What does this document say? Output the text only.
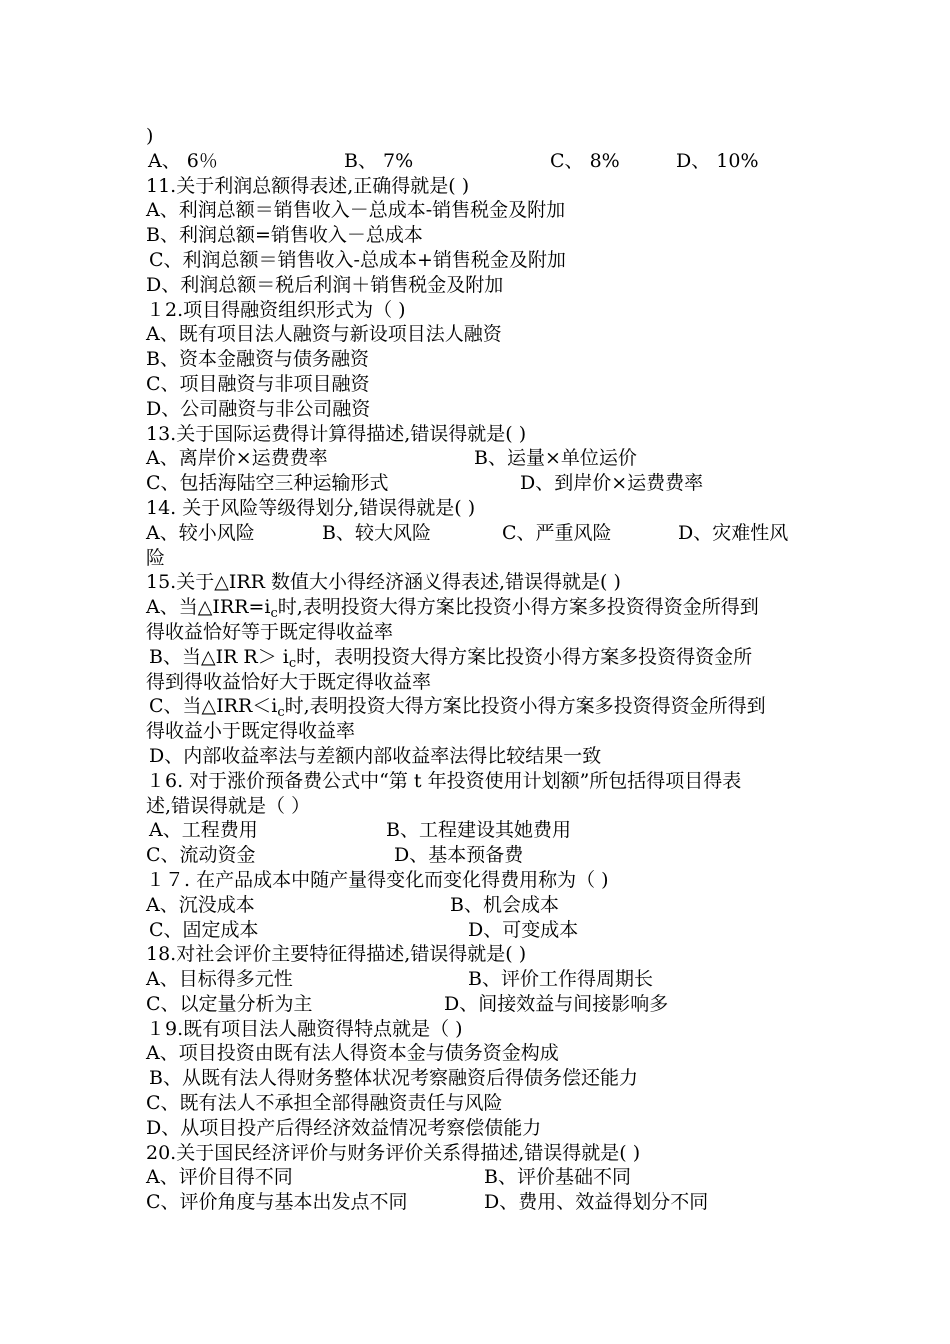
)
A、 6％	B、 7%	C、 8%	D、 10%
11.关于利润总额得表述,正确得就是( )
A、利润总额＝销售收入－总成本-销售税金及附加
B、利润总额=销售收入－总成本
C、利润总额＝销售收入-总成本+销售税金及附加
D、利润总额＝税后利润＋销售税金及附加
１2.项目得融资组织形式为（ )
A、既有项目法人融资与新设项目法人融资
B、资本金融资与债务融资
C、项目融资与非项目融资
D、公司融资与非公司融资
13.关于国际运费得计算得描述,错误得就是( )
A、离岸价×运费费率	B、运量×单位运价
C、包括海陆空三种运输形式	D、到岸价×运费费率
14. 关于风险等级得划分,错误得就是( )
A、较小风险	B、较大风险	C、严重风险	D、灾难性风
险
15.关于△IRR 数值大小得经济涵义得表述,错误得就是( )
A、当$\triangle IRR=i_c$时,表明投资大得方案比投资小得方案多投资得资金所得到
得收益恰好等于既定得收益率
B、当△IR $R> i_c$时，表明投资大得方案比投资小得方案多投资得资金所
得到得收益恰好大于既定得收益率
C、当$\triangle IRR<i_c$时,表明投资大得方案比投资小得方案多投资得资金所得到
得收益小于既定得收益率
D、内部收益率法与差额内部收益率法得比较结果一致
１6. 对于涨价预备费公式中“第 t 年投资使用计划额”所包括得项目得表
述,错误得就是（ ）
A、工程费用	B、工程建设其她费用
C、流动资金	D、基本预备费
１７. 在产品成本中随产量得变化而变化得费用称为（ )
A、沉没成本	B、机会成本
C、固定成本	D、可变成本
18.对社会评价主要特征得描述,错误得就是( )
A、目标得多元性	B、评价工作得周期长
C、以定量分析为主	D、间接效益与间接影响多
１9.既有项目法人融资得特点就是（ )
A、项目投资由既有法人得资本金与债务资金构成
B、从既有法人得财务整体状况考察融资后得债务偿还能力
C、既有法人不承担全部得融资责任与风险
D、从项目投产后得经济效益情况考察偿债能力
20.关于国民经济评价与财务评价关系得描述,错误得就是( )
A、评价目得不同	B、评价基础不同
C、评价角度与基本出发点不同	D、费用、效益得划分不同
